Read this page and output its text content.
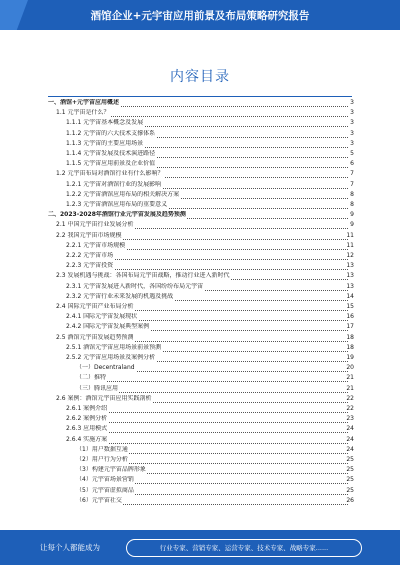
酒馆企业+元宇宙应用前景及布局策略研究报告
内容目录
一、酒馆+元宇宙应用概述	3
1.1 元宇宙是什么？	3
1.1.1 元宇宙基本概念及发展	3
1.1.2 元宇宙的六大技术支撑体系	3
1.1.3 元宇宙的主要应用场景	3
1.1.4 元宇宙发展及技术演进路径	5
1.1.5 元宇宙应用前景及企业价值	6
1.2 元宇宙布局对酒馆行业有什么影响？	7
1.2.1 元宇宙对酒馆行业的发展影响	7
1.2.2 元宇宙酒馆应用布局的相关解决方案	8
1.2.3 元宇宙酒馆应用布局的重要意义	8
二、2023-2028年酒馆行业元宇宙发展及趋势预测	9
2.1 中国元宇宙行业发展分析	9
2.2 我国元宇宙市场规模	11
2.2.1 元宇宙市场规模	11
2.2.2 元宇宙市场	12
2.2.3 元宇宙投资	13
2.3 发展机遇与挑战：各国布局元宇宙战略，推动行业进入新时代	13
2.3.1 元宇宙发展进入新时代，各国纷纷布局元宇宙	13
2.3.2 元宇宙行业未来发展的机遇及挑战	14
2.4 国际元宇宙产业布局分析	15
2.4.1 国际元宇宙发展现状	16
2.4.2 国际元宇宙发展典型案例	17
2.5 酒馆元宇宙发展趋势预测	18
2.5.1 酒馆元宇宙应用场景前景预测	18
2.5.2 元宇宙应用场景及案例分析	19
（一）Decentraland	20
（二）推特	21
（三）腾讯应用	21
2.6 案例：酒馆元宇宙应用实践剖析	22
2.6.1 案例介绍	22
2.6.2 案例分析	23
2.6.3 应用模式	24
2.6.4 实施方案	24
（1）用户数据互通	24
（2）用户行为分析	25
（3）构建元宇宙品牌形象	25
（4）元宇宙场景营销	25
（5）元宇宙虚拟商品	25
（6）元宇宙社交	26
让每个人都能成为	行业专家、营销专家、运营专家、技术专家、战略专家......
